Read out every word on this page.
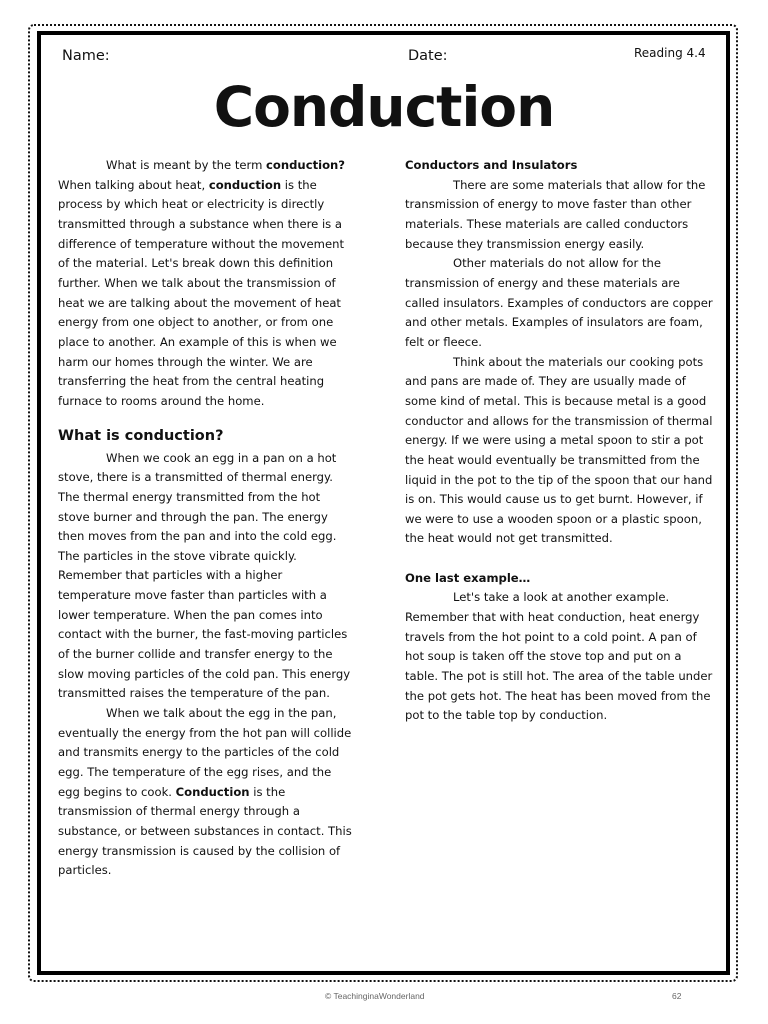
Name:	Date:	Reading 4.4
Conduction

What is meant by the term conduction? When talking about heat, conduction is the process by which heat or electricity is directly transmitted through a substance when there is a difference of temperature without the movement of the material. Let's break down this definition further. When we talk about the transmission of heat we are talking about the movement of heat energy from one object to another, or from one place to another. An example of this is when we harm our homes through the winter. We are transferring the heat from the central heating furnace to rooms around the home.

What is conduction?

When we cook an egg in a pan on a hot stove, there is a transmitted of thermal energy. The thermal energy transmitted from the hot stove burner and through the pan. The energy then moves from the pan and into the cold egg. The particles in the stove vibrate quickly. Remember that particles with a higher temperature move faster than particles with a lower temperature. When the pan comes into contact with the burner, the fast-moving particles of the burner collide and transfer energy to the slow moving particles of the cold pan. This energy transmitted raises the temperature of the pan.

When we talk about the egg in the pan, eventually the energy from the hot pan will collide and transmits energy to the particles of the cold egg. The temperature of the egg rises, and the egg begins to cook. Conduction is the transmission of thermal energy through a substance, or between substances in contact. This energy transmission is caused by the collision of particles.

Conductors and Insulators

There are some materials that allow for the transmission of energy to move faster than other materials. These materials are called conductors because they transmission energy easily.

Other materials do not allow for the transmission of energy and these materials are called insulators. Examples of conductors are copper and other metals. Examples of insulators are foam, felt or fleece.

Think about the materials our cooking pots and pans are made of. They are usually made of some kind of metal. This is because metal is a good conductor and allows for the transmission of thermal energy. If we were using a metal spoon to stir a pot the heat would eventually be transmitted from the liquid in the pot to the tip of the spoon that our hand is on. This would cause us to get burnt. However, if we were to use a wooden spoon or a plastic spoon, the heat would not get transmitted.

One last example…

Let's take a look at another example. Remember that with heat conduction, heat energy travels from the hot point to a cold point. A pan of hot soup is taken off the stove top and put on a table. The pot is still hot. The area of the table under the pot gets hot. The heat has been moved from the pot to the table top by conduction.

© TeachinginaWonderland	62
